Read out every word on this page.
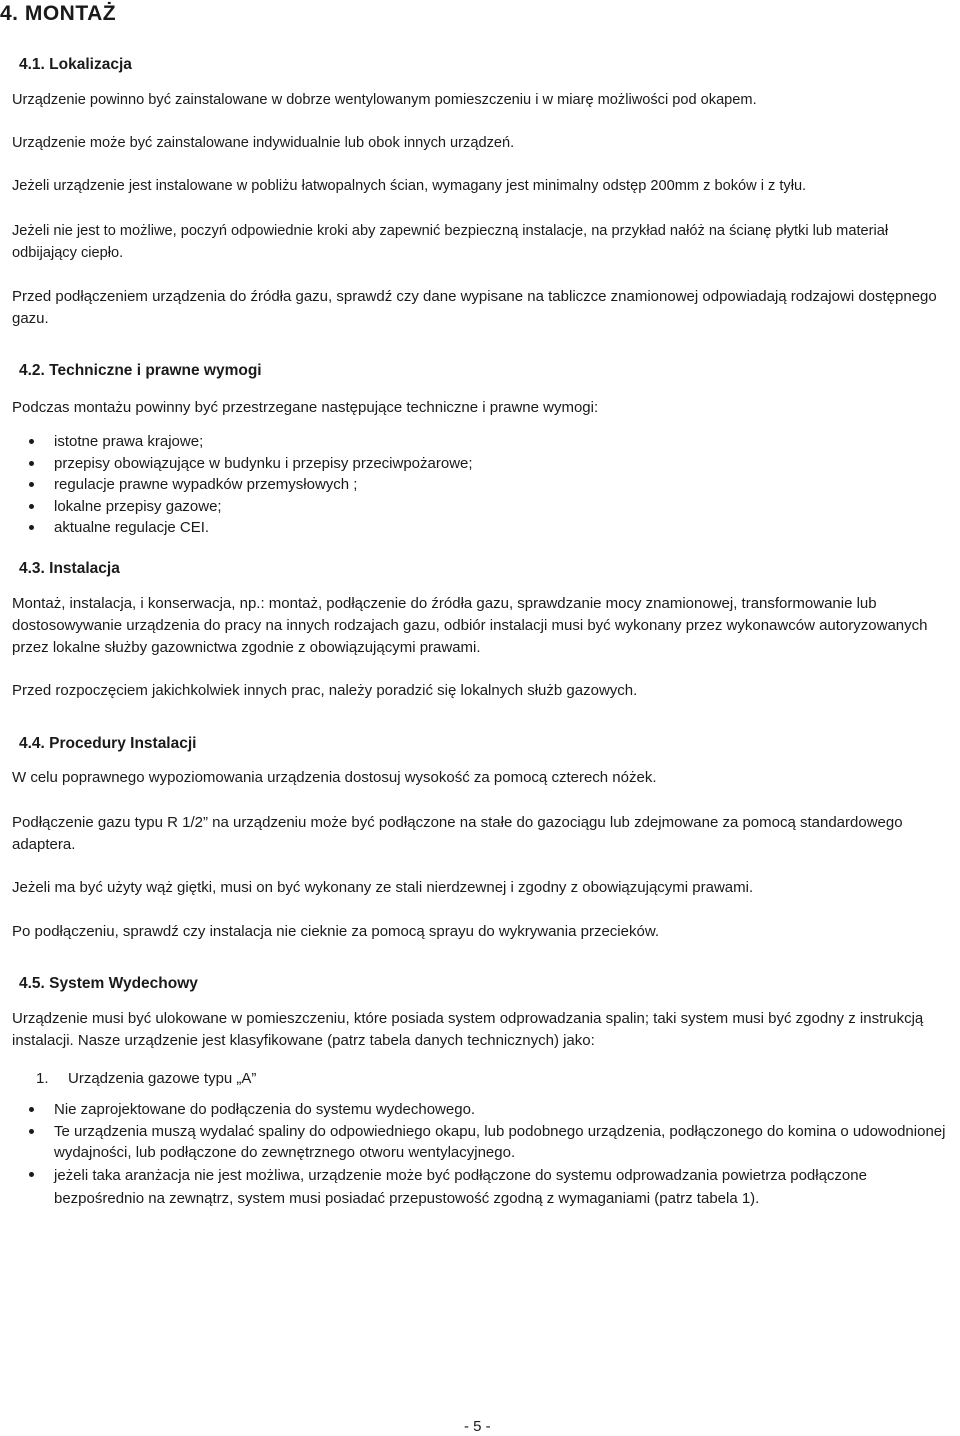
4. MONTAŻ
4.1. Lokalizacja

Urządzenie powinno być zainstalowane w dobrze wentylowanym pomieszczeniu i w miarę możliwości pod okapem.

Urządzenie może być zainstalowane indywidualnie lub obok innych urządzeń.

Jeżeli urządzenie jest instalowane w pobliżu łatwopalnych ścian, wymagany jest minimalny odstęp 200mm z boków i z tyłu.

Jeżeli nie jest to możliwe, poczyń odpowiednie kroki aby zapewnić bezpieczną instalacje, na przykład nałóż na ścianę płytki lub materiał odbijający ciepło.

Przed podłączeniem urządzenia do źródła gazu, sprawdź czy dane wypisane na tabliczce znamionowej odpowiadają rodzajowi dostępnego gazu.

4.2. Techniczne i prawne wymogi

Podczas montażu powinny być przestrzegane następujące techniczne i prawne wymogi:

istotne prawa krajowe;
przepisy obowiązujące w budynku i przepisy przeciwpożarowe;
regulacje prawne wypadków przemysłowych ;
lokalne przepisy gazowe;
aktualne regulacje CEI.
4.3. Instalacja

Montaż, instalacja, i konserwacja, np.: montaż, podłączenie do źródła gazu, sprawdzanie mocy znamionowej, transformowanie lub dostosowywanie urządzenia do pracy na innych rodzajach gazu, odbiór instalacji musi być wykonany przez wykonawców autoryzowanych przez lokalne służby gazownictwa zgodnie z obowiązującymi prawami.

Przed rozpoczęciem jakichkolwiek innych prac, należy poradzić się lokalnych służb gazowych.

4.4. Procedury Instalacji

W celu poprawnego wypoziomowania urządzenia dostosuj wysokość za pomocą czterech nóżek.

Podłączenie gazu typu R 1/2” na urządzeniu może być podłączone na stałe do gazociągu lub zdejmowane za pomocą standardowego adaptera.

Jeżeli ma być użyty wąż giętki, musi on być wykonany ze stali nierdzewnej i zgodny z obowiązującymi prawami.

Po podłączeniu, sprawdź czy instalacja nie cieknie za pomocą sprayu do wykrywania przecieków.

4.5. System Wydechowy

Urządzenie musi być ulokowane w pomieszczeniu, które posiada system odprowadzania spalin; taki system musi być zgodny z instrukcją instalacji. Nasze urządzenie jest klasyfikowane (patrz tabela danych technicznych) jako:

1. Urządzenia gazowe typu „A”
Nie zaprojektowane do podłączenia do systemu wydechowego.
Te urządzenia muszą wydalać spaliny do odpowiedniego okapu, lub podobnego urządzenia, podłączonego do komina o udowodnionej wydajności, lub podłączone do zewnętrznego otworu wentylacyjnego.
jeżeli taka aranżacja nie jest możliwa, urządzenie może być podłączone do systemu odprowadzania powietrza podłączone bezpośrednio na zewnątrz, system musi posiadać przepustowość zgodną z wymaganiami (patrz tabela 1).
- 5 -
